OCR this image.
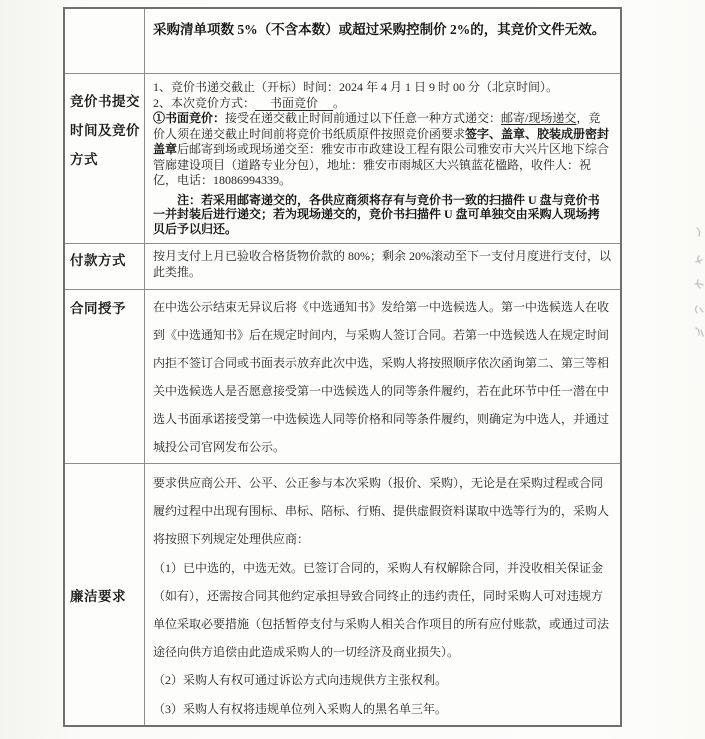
采购清单项数 5%（不含本数）或超过采购控制价 2%的，其竞价文件无效。

竞价书提交
时间及竞价
方式

1、竞价书递交截止（开标）时间：2024 年 4 月 1 日 9 时 00 分（北京时间）。

2、本次竞价方式： 书面竞价 。

①书面竞价：接受在递交截止时间前通过以下任意一种方式递交：邮寄/现场递交，竞价人须在递交截止时间前将竞价书纸质原件按照竞价函要求签字、盖章、胶装成册密封盖章后邮寄到场或现场递交至：雅安市市政建设工程有限公司雅安市大兴片区地下综合管廊建设项目（道路专业分包），地址：雅安市雨城区大兴镇蓝花楹路，收件人：祝亿，电话：18086994339。

注：若采用邮寄递交的，各供应商须将存有与竞价书一致的扫描件 U 盘与竞价书一并封装后进行递交；若为现场递交的，竞价书扫描件 U 盘可单独交由采购人现场拷贝后予以归还。

付款方式	按月支付上月已验收合格货物价款的 80%；剩余 20%滚动至下一支付月度进行支付，以此类推。

合同授予	在中选公示结束无异议后将《中选通知书》发给第一中选候选人。第一中选候选人在收到《中选通知书》后在规定时间内，与采购人签订合同。若第一中选候选人在规定时间内拒不签订合同或书面表示放弃此次中选，采购人将按照顺序依次函询第二、第三等相关中选候选人是否愿意接受第一中选候选人的同等条件履约，若在此环节中任一潜在中选人书面承诺接受第一中选候选人同等价格和同等条件履约，则确定为中选人，并通过城投公司官网发布公示。

廉洁要求

要求供应商公开、公平、公正参与本次采购（报价、采购），无论是在采购过程或合同履约过程中出现有围标、串标、陪标、行贿、提供虚假资料谋取中选等行为的，采购人将按照下列规定处理供应商：

（1）已中选的，中选无效。已签订合同的，采购人有权解除合同，并没收相关保证金（如有），还需按合同其他约定承担导致合同终止的违约责任，同时采购人可对违规方单位采取必要措施（包括暂停支付与采购人相关合作项目的所有应付账款，或通过司法途径向供方追偿由此造成采购人的一切经济及商业损失）。

（2）采购人有权可通过诉讼方式向违规供方主张权利。

（3）采购人有权将违规单位列入采购人的黑名单三年。
